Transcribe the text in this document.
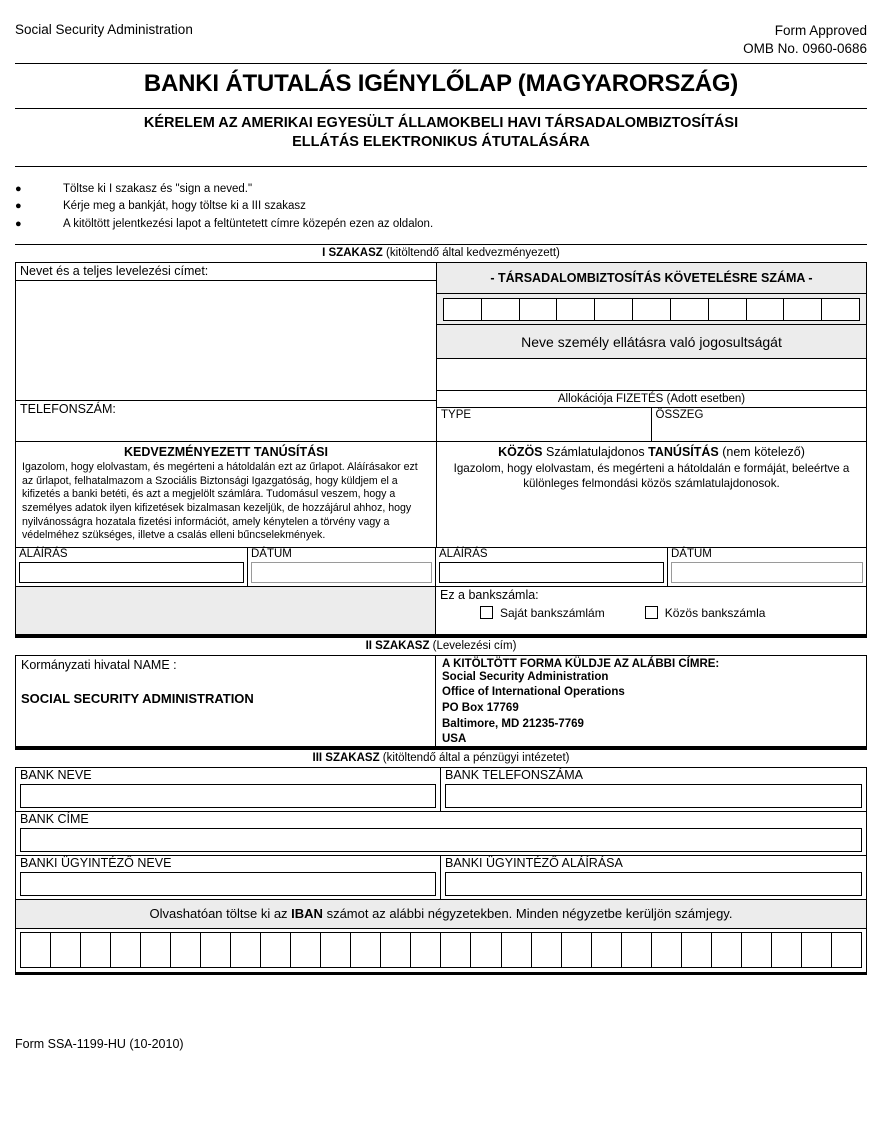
Social Security Administration	Form Approved
OMB No. 0960-0686
BANKI ÁTUTALÁS IGÉNYLŐLAP (MAGYARORSZÁG)
KÉRELEM AZ AMERIKAI EGYESÜLT ÁLLAMOKBELI HAVI TÁRSADALOMBIZTOSÍTÁSI
ELLÁTÁS ELEKTRONIKUS ÁTUTALÁSÁRA
●	Töltse ki I szakasz és "sign a neved."
●	Kérje meg a bankját, hogy töltse ki a III szakasz
●	A kitöltött jelentkezési lapot a feltüntetett címre közepén ezen az oldalon.
I SZAKASZ (kitöltendő által kedvezményezett)
Nevet és a teljes levelezési címet:
TELEFONSZÁM:
- TÁRSADALOMBIZTOSÍTÁS KÖVETELÉSRE SZÁMA -
Neve személy ellátásra való jogosultságát
Allokációja FIZETÉS (Adott esetben)
TYPE	ÖSSZEG
KEDVEZMÉNYEZETT TANÚSÍTÁSI
Igazolom, hogy elolvastam, és megérteni a hátoldalán ezt az űrlapot. Aláírásakor ezt az űrlapot, felhatalmazom a Szociális Biztonsági Igazgatóság, hogy küldjem el a kifizetés a banki betéti, és azt a megjelölt számlára. Tudomásul veszem, hogy a személyes adatok ilyen kifizetések bizalmasan kezeljük, de hozzájárul ahhoz, hogy nyilvánosságra hozatala fizetési információt, amely kénytelen a törvény vagy a védelméhez szükséges, illetve a csalás elleni bűncselekmények.
KÖZÖS Számlatulajdonos TANÚSÍTÁS (nem kötelező)
Igazolom, hogy elolvastam, és megérteni a hátoldalán e formáját, beleértve a különleges felmondási közös számlatulajdonosok.
ALÁÍRÁS	DÁTUM	ALÁÍRÁS	DÁTUM
Ez a bankszámla:
Saját bankszámlám	Közös bankszámla
II SZAKASZ (Levelezési cím)
Kormányzati hivatal NAME :
SOCIAL SECURITY ADMINISTRATION
A KITÖLTÖTT FORMA KÜLDJE AZ ALÁBBI CÍMRE:
Social Security Administration
Office of International Operations
PO Box 17769
Baltimore, MD 21235-7769
USA
III SZAKASZ (kitöltendő által a pénzügyi intézetet)
BANK NEVE	BANK TELEFONSZÁMA
BANK CÍME
BANKI ÜGYINTÉZŐ NEVE	BANKI ÜGYINTÉZŐ ALÁÍRÁSA
Olvashatóan töltse ki az IBAN számot az alábbi négyzetekben. Minden négyzetbe kerüljön számjegy.
Form SSA-1199-HU (10-2010)
